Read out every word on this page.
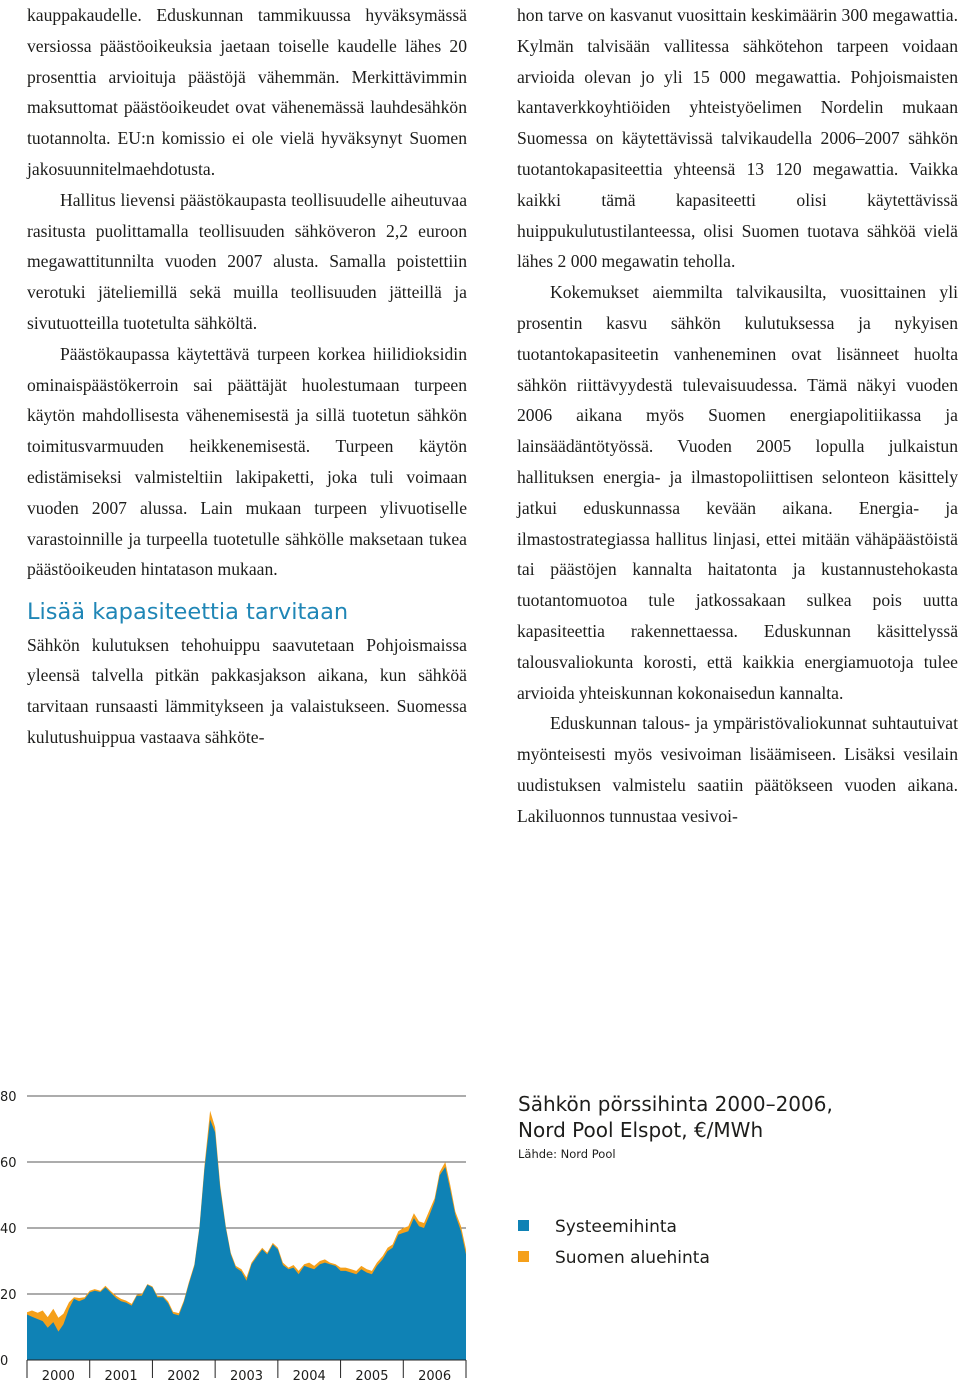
kauppakaudelle. Eduskunnan tammikuussa hyväksymässä versiossa päästöoikeuksia jaetaan toiselle kaudelle lähes 20 prosenttia arvioituja päästöjä vähemmän. Merkittävimmin maksuttomat päästöoikeudet ovat vähenemässä lauhdesähkön tuotannolta. EU:n komissio ei ole vielä hyväksynyt Suomen jakosuunnitelmaehdotusta.

Hallitus lievensi päästökaupasta teollisuudelle aiheutuvaa rasitusta puolittamalla teollisuuden sähköveron 2,2 euroon megawattitunnilta vuoden 2007 alusta. Samalla poistettiin verotuki jäteliemillä sekä muilla teollisuuden jätteillä ja sivutuotteilla tuotetulta sähköltä.

Päästökaupassa käytettävä turpeen korkea hiilidioksidin ominaispäästökerroin sai päättäjät huolestumaan turpeen käytön mahdollisesta vähenemisestä ja sillä tuotetun sähkön toimitusvarmuuden heikkenemisestä. Turpeen käytön edistämiseksi valmisteltiin lakipaketti, joka tuli voimaan vuoden 2007 alussa. Lain mukaan turpeen ylivuotiselle varastoinnille ja turpeella tuotetulle sähkölle maksetaan tukea päästöoikeuden hintatason mukaan.

Lisää kapasiteettia tarvitaan

Sähkön kulutuksen tehohuippu saavutetaan Pohjoismaissa yleensä talvella pitkän pakkasjakson aikana, kun sähköä tarvitaan runsaasti lämmitykseen ja valaistukseen. Suomessa kulutushuippua vastaava sähköte-

hon tarve on kasvanut vuosittain keskimäärin 300 megawattia. Kylmän talvisään vallitessa sähkötehon tarpeen voidaan arvioida olevan jo yli 15 000 megawattia. Pohjoismaisten kantaverkkoyhtiöiden yhteistyöelimen Nordelin mukaan Suomessa on käytettävissä talvikaudella 2006–2007 sähkön tuotantokapasiteettia yhteensä 13 120 megawattia. Vaikka kaikki tämä kapasiteetti olisi käytettävissä huippukulutustilanteessa, olisi Suomen tuotava sähköä vielä lähes 2 000 megawatin teholla.

Kokemukset aiemmilta talvikausilta, vuosittainen yli prosentin kasvu sähkön kulutuksessa ja nykyisen tuotantokapasiteetin vanheneminen ovat lisänneet huolta sähkön riittävyydestä tulevaisuudessa. Tämä näkyi vuoden 2006 aikana myös Suomen energiapolitiikassa ja lainsäädäntötyössä. Vuoden 2005 lopulla julkaistun hallituksen energia- ja ilmastopoliittisen selonteon käsittely jatkui eduskunnassa kevään aikana. Energia- ja ilmastostrategiassa hallitus linjasi, ettei mitään vähäpäästöistä tai päästöjen kannalta haitatonta ja kustannustehokasta tuotantomuotoa tule jatkossakaan sulkea pois uutta kapasiteettia rakennettaessa. Eduskunnan käsittelyssä talousvaliokunta korosti, että kaikkia energiamuotoja tulee arvioida yhteiskunnan kokonaisedun kannalta.

Eduskunnan talous- ja ympäristövaliokunnat suhtautuivat myönteisesti myös vesivoiman lisäämiseen. Lisäksi vesilain uudistuksen valmistelu saatiin päätökseen vuoden aikana. Lakiluonnos tunnustaa vesivoi-

0
20
40
60
80
2000 2001 2002 2003 2004 2005 2006
Sähkön pörssihinta 2000–2006,
Nord Pool Elspot, €/MWh
Lähde: Nord Pool
Systeemihinta
Suomen aluehinta
